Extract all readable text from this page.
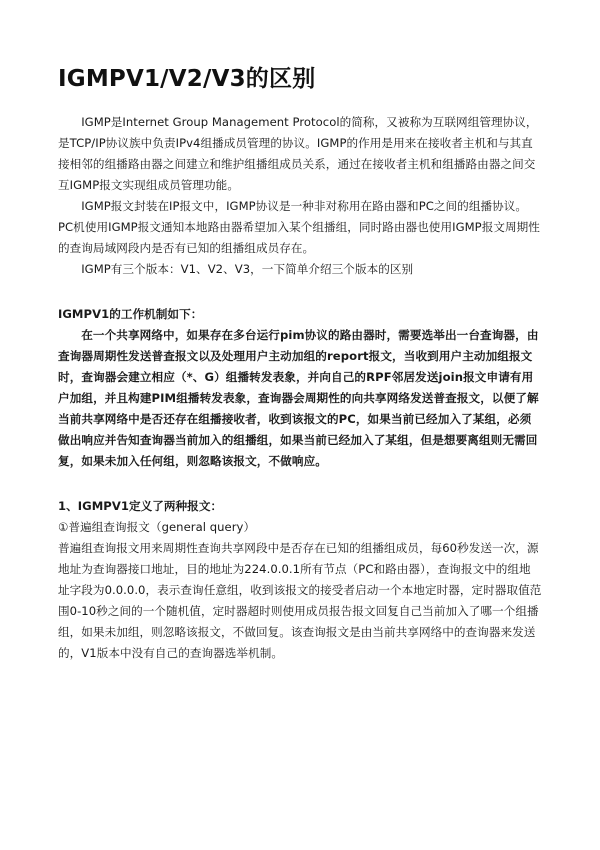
IGMPV1/V2/V3的区别

IGMP是Internet Group Management Protocol的简称，又被称为互联网组管理协议，是TCP/IP协议族中负责IPv4组播成员管理的协议。IGMP的作用是用来在接收者主机和与其直接相邻的组播路由器之间建立和维护组播组成员关系，通过在接收者主机和组播路由器之间交互IGMP报文实现组成员管理功能。

IGMP报文封装在IP报文中，IGMP协议是一种非对称用在路由器和PC之间的组播协议。PC机使用IGMP报文通知本地路由器希望加入某个组播组，同时路由器也使用IGMP报文周期性的查询局域网段内是否有已知的组播组成员存在。

IGMP有三个版本：V1、V2、V3，一下简单介绍三个版本的区别

IGMPV1的工作机制如下：

在一个共享网络中，如果存在多台运行pim协议的路由器时，需要选举出一台查询器，由查询器周期性发送普查报文以及处理用户主动加组的report报文，当收到用户主动加组报文时，查询器会建立相应（*、G）组播转发表象，并向自己的RPF邻居发送join报文申请有用户加组，并且构建PIM组播转发表象，查询器会周期性的向共享网络发送普查报文，以便了解当前共享网络中是否还存在组播接收者，收到该报文的PC，如果当前已经加入了某组，必须做出响应并告知查询器当前加入的组播组，如果当前已经加入了某组，但是想要离组则无需回复，如果未加入任何组，则忽略该报文，不做响应。

1、IGMPV1定义了两种报文：

①普遍组查询报文（general query）

普遍组查询报文用来周期性查询共享网段中是否存在已知的组播组成员，每60秒发送一次，源地址为查询器接口地址，目的地址为224.0.0.1所有节点（PC和路由器），查询报文中的组地址字段为0.0.0.0，表示查询任意组，收到该报文的接受者启动一个本地定时器，定时器取值范围0-10秒之间的一个随机值，定时器超时则使用成员报告报文回复自己当前加入了哪一个组播组，如果未加组，则忽略该报文，不做回复。该查询报文是由当前共享网络中的查询器来发送的，V1版本中没有自己的查询器选举机制。
